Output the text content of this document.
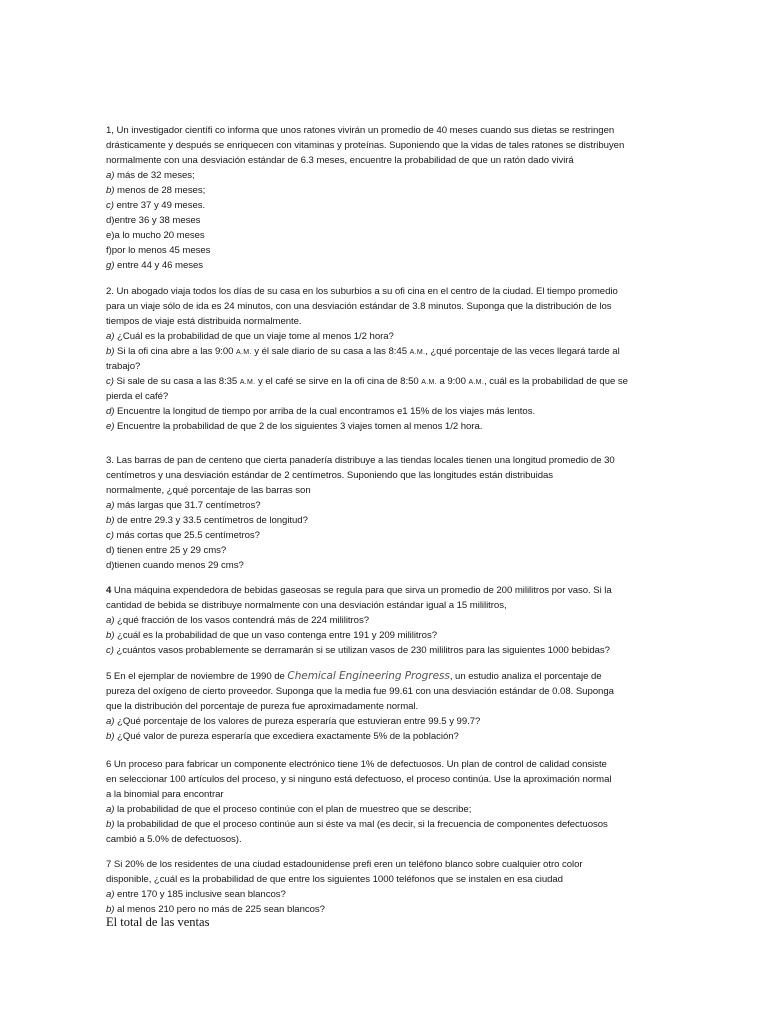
1, Un investigador científi co informa que unos ratones vivirán un promedio de 40 meses cuando sus dietas se restringen
drásticamente y después se enriquecen con vitaminas y proteínas. Suponiendo que la vidas de tales ratones se distribuyen
normalmente con una desviación estándar de 6.3 meses, encuentre la probabilidad de que un ratón dado vivirá
a) más de 32 meses;
b) menos de 28 meses;
c) entre 37 y 49 meses.
d)entre 36 y 38 meses
e)a lo mucho 20 meses
f)por lo menos 45 meses
g) entre 44 y 46 meses
2. Un abogado viaja todos los días de su casa en los suburbios a su ofi cina en el centro de la ciudad. El tiempo promedio
para un viaje sólo de ida es 24 minutos, con una desviación estándar de 3.8 minutos. Suponga que la distribución de los
tiempos de viaje está distribuida normalmente.
a) ¿Cuál es la probabilidad de que un viaje tome al menos 1/2 hora?
b) Si la ofi cina abre a las 9:00 A.M. y él sale diario de su casa a las 8:45 A.M., ¿qué porcentaje de las veces llegará tarde al
trabajo?
c) Si sale de su casa a las 8:35 A.M. y el café se sirve en la ofi cina de 8:50 A.M. a 9:00 A.M., cuál es la probabilidad de que se
pierda el café?
d) Encuentre la longitud de tiempo por arriba de la cual encontramos e1 15% de los viajes más lentos.
e) Encuentre la probabilidad de que 2 de los siguientes 3 viajes tomen al menos 1/2 hora.
3. Las barras de pan de centeno que cierta panadería distribuye a las tiendas locales tienen una longitud promedio de 30
centímetros y una desviación estándar de 2 centímetros. Suponiendo que las longitudes están distribuidas
normalmente, ¿qué porcentaje de las barras son
a) más largas que 31.7 centímetros?
b) de entre 29.3 y 33.5 centímetros de longitud?
c) más cortas que 25.5 centímetros?
d) tienen entre 25 y 29 cms?
d)tienen cuando menos 29 cms?
4 Una máquina expendedora de bebidas gaseosas se regula para que sirva un promedio de 200 mililitros por vaso. Si la
cantidad de bebida se distribuye normalmente con una desviación estándar igual a 15 mililitros,
a) ¿qué fracción de los vasos contendrá más de 224 mililitros?
b) ¿cuál es la probabilidad de que un vaso contenga entre 191 y 209 mililitros?
c) ¿cuántos vasos probablemente se derramarán si se utilizan vasos de 230 mililitros para las siguientes 1000 bebidas?
5 En el ejemplar de noviembre de 1990 de Chemical Engineering Progress, un estudio analiza el porcentaje de
pureza del oxígeno de cierto proveedor. Suponga que la media fue 99.61 con una desviación estándar de 0.08. Suponga
que la distribución del porcentaje de pureza fue aproximadamente normal.
a) ¿Qué porcentaje de los valores de pureza esperaría que estuvieran entre 99.5 y 99.7?
b) ¿Qué valor de pureza esperaría que excediera exactamente 5% de la población?
6 Un proceso para fabricar un componente electrónico tiene 1% de defectuosos. Un plan de control de calidad consiste
en seleccionar 100 artículos del proceso, y si ninguno está defectuoso, el proceso continúa. Use la aproximación normal
a la binomial para encontrar
a) la probabilidad de que el proceso continúe con el plan de muestreo que se describe;
b) la probabilidad de que el proceso continúe aun si éste va mal (es decir, si la frecuencia de componentes defectuosos
cambió a 5.0% de defectuosos).
7 Si 20% de los residentes de una ciudad estadounidense prefi eren un teléfono blanco sobre cualquier otro color
disponible, ¿cuál es la probabilidad de que entre los siguientes 1000 teléfonos que se instalen en esa ciudad
a) entre 170 y 185 inclusive sean blancos?
b) al menos 210 pero no más de 225 sean blancos?
El total de las ventas
